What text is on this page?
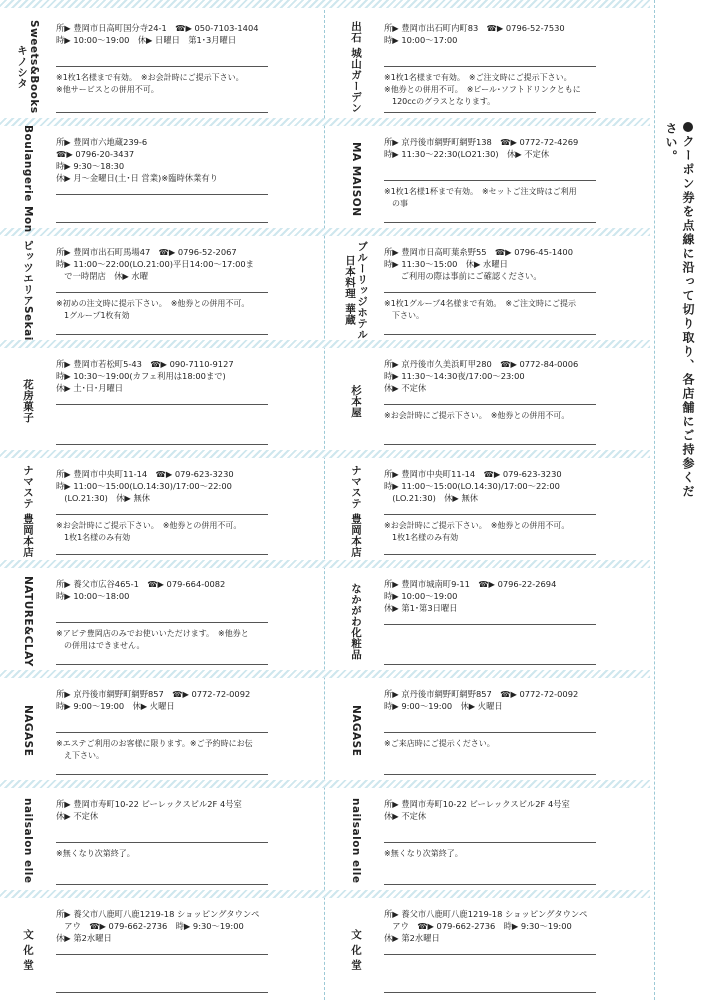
Sweets&Books
キノシタ
所▶ 豊岡市日高町国分寺24-1　☎▶ 050-7103-1404
時▶ 10:00〜19:00　休▶ 日曜日　第1･3月曜日
※1枚1名様まで有効。　※お会計時にご提示下さい。
※他サービスとの併用不可。	出石 城山ガーデン	所▶ 豊岡市出石町内町83　☎▶ 0796-52-7530
時▶ 10:00〜17:00
※1枚1名様まで有効。　※ご注文時にご提示下さい。
※他券との併用不可。　※ビール･ソフトドリンクともに
　120ccのグラスとなります。
Boulangerie Mon	所▶ 豊岡市六地蔵239-6
☎▶ 0796-20-3437
時▶ 9:30〜18:30
休▶ 月〜金曜日(土･日 営業)※臨時休業有り	MA MAISON	所▶ 京丹後市網野町網野138　☎▶ 0772-72-4269
時▶ 11:30〜22:30(LO21:30)　休▶ 不定休
※1枚1名様1杯まで有効。　※セットご注文時はご利用
　の事
ピッツエリアSekai	所▶ 豊岡市出石町馬場47　☎▶ 0796-52-2067
時▶ 11:00〜22:00(LO.21:00)平日14:00〜17:00ま
　で一時閉店　休▶ 水曜
※初めの注文時に提示下さい。　※他券との併用不可。
　1グループ1枚有効	ブルーリッジホテル
日本料理 華蔵
所▶ 豊岡市日高町葉糸野55　☎▶ 0796-45-1400
時▶ 11:30〜15:00　休▶ 水曜日
　　ご利用の際は事前にご確認ください。
※1枚1グループ4名様まで有効。　※ご注文時にご提示
　下さい。
花房菓子
所▶ 豊岡市若松町5-43　☎▶ 090-7110-9127
時▶ 10:30〜19:00(カフェ利用は18:00まで)
休▶ 土･日･月曜日	杉本屋
所▶ 京丹後市久美浜町甲280　☎▶ 0772-84-0006
時▶ 11:30〜14:30夜/17:00〜23:00
休▶ 不定休
※お会計時にご提示下さい。　※他券との併用不可。
ナマステ 豊岡本店	所▶ 豊岡市中央町11-14　☎▶ 079-623-3230
時▶ 11:00〜15:00(LO.14:30)/17:00〜22:00
　(LO.21:30)　休▶ 無休
※お会計時にご提示下さい。　※他券との併用不可。
　1枚1名様のみ有効	ナマステ 豊岡本店	所▶ 豊岡市中央町11-14　☎▶ 079-623-3230
時▶ 11:00〜15:00(LO.14:30)/17:00〜22:00
　(LO.21:30)　休▶ 無休
※お会計時にご提示下さい。　※他券との併用不可。
　1枚1名様のみ有効
NATURE&CLAY	所▶ 養父市広谷465-1　☎▶ 079-664-0082
時▶ 10:00〜18:00
※アビテ豊岡店のみでお使いいただけます。　※他券と
　の併用はできません。	なかがわ化粧品	所▶ 豊岡市城南町9-11　☎▶ 0796-22-2694
時▶ 10:00〜19:00
休▶ 第1･第3日曜日
NAGASE
所▶ 京丹後市網野町網野857　☎▶ 0772-72-0092
時▶ 9:00〜19:00　休▶ 火曜日
※エステご利用のお客様に限ります。※ご予約時にお伝
　え下さい。	NAGASE
所▶ 京丹後市網野町網野857　☎▶ 0772-72-0092
時▶ 9:00〜19:00　休▶ 火曜日
※ご来店時にご提示ください。
nailsalon elle	所▶ 豊岡市寿町10-22 ビーレックスビル2F 4号室
休▶ 不定休
※無くなり次第終了。	nailsalon elle	所▶ 豊岡市寿町10-22 ビーレックスビル2F 4号室
休▶ 不定休
※無くなり次第終了。
文 化 堂
所▶ 養父市八鹿町八鹿1219-18 ショッピングタウンペ
　アウ　☎▶ 079-662-2736　時▶ 9:30〜19:00
休▶ 第2水曜日	文 化 堂
所▶ 養父市八鹿町八鹿1219-18 ショッピングタウンペ
　アウ　☎▶ 079-662-2736　時▶ 9:30〜19:00
休▶ 第2水曜日
クーポン券を点線に沿って切り取り、各店舗にご持参ください。
